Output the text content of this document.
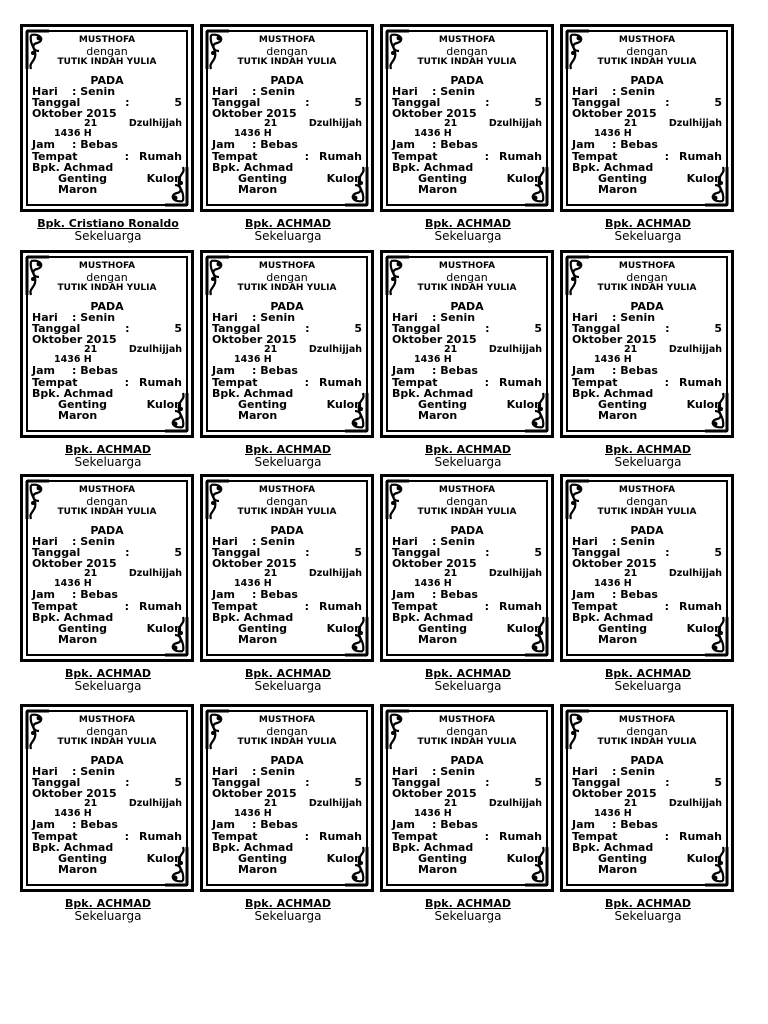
MUSTHOFA
dengan
TUTIK INDAH YULIA
PADA
Hari	: Senin
Tanggal	:	5
Oktober 2015
21	Dzulhijjah
1436 H
Jam	: Bebas
Tempat	: Rumah
Bpk. Achmad
Genting	Kulon
Maron
Bpk. Cristiano Ronaldo
Sekeluarga
MUSTHOFA
dengan
TUTIK INDAH YULIA
PADA
Hari	: Senin
Tanggal	:	5
Oktober 2015
21	Dzulhijjah
1436 H
Jam	: Bebas
Tempat	: Rumah
Bpk. Achmad
Genting	Kulon
Maron
Bpk. ACHMAD
Sekeluarga
MUSTHOFA
dengan
TUTIK INDAH YULIA
PADA
Hari	: Senin
Tanggal	:	5
Oktober 2015
21	Dzulhijjah
1436 H
Jam	: Bebas
Tempat	: Rumah
Bpk. Achmad
Genting	Kulon
Maron
Bpk. ACHMAD
Sekeluarga
MUSTHOFA
dengan
TUTIK INDAH YULIA
PADA
Hari	: Senin
Tanggal	:	5
Oktober 2015
21	Dzulhijjah
1436 H
Jam	: Bebas
Tempat	: Rumah
Bpk. Achmad
Genting	Kulon
Maron
Bpk. ACHMAD
Sekeluarga
MUSTHOFA
dengan
TUTIK INDAH YULIA
PADA
Hari	: Senin
Tanggal	:	5
Oktober 2015
21	Dzulhijjah
1436 H
Jam	: Bebas
Tempat	: Rumah
Bpk. Achmad
Genting	Kulon
Maron
Bpk. ACHMAD
Sekeluarga
MUSTHOFA
dengan
TUTIK INDAH YULIA
PADA
Hari	: Senin
Tanggal	:	5
Oktober 2015
21	Dzulhijjah
1436 H
Jam	: Bebas
Tempat	: Rumah
Bpk. Achmad
Genting	Kulon
Maron
Bpk. ACHMAD
Sekeluarga
MUSTHOFA
dengan
TUTIK INDAH YULIA
PADA
Hari	: Senin
Tanggal	:	5
Oktober 2015
21	Dzulhijjah
1436 H
Jam	: Bebas
Tempat	: Rumah
Bpk. Achmad
Genting	Kulon
Maron
Bpk. ACHMAD
Sekeluarga
MUSTHOFA
dengan
TUTIK INDAH YULIA
PADA
Hari	: Senin
Tanggal	:	5
Oktober 2015
21	Dzulhijjah
1436 H
Jam	: Bebas
Tempat	: Rumah
Bpk. Achmad
Genting	Kulon
Maron
Bpk. ACHMAD
Sekeluarga
MUSTHOFA
dengan
TUTIK INDAH YULIA
PADA
Hari	: Senin
Tanggal	:	5
Oktober 2015
21	Dzulhijjah
1436 H
Jam	: Bebas
Tempat	: Rumah
Bpk. Achmad
Genting	Kulon
Maron
Bpk. ACHMAD
Sekeluarga
MUSTHOFA
dengan
TUTIK INDAH YULIA
PADA
Hari	: Senin
Tanggal	:	5
Oktober 2015
21	Dzulhijjah
1436 H
Jam	: Bebas
Tempat	: Rumah
Bpk. Achmad
Genting	Kulon
Maron
Bpk. ACHMAD
Sekeluarga
MUSTHOFA
dengan
TUTIK INDAH YULIA
PADA
Hari	: Senin
Tanggal	:	5
Oktober 2015
21	Dzulhijjah
1436 H
Jam	: Bebas
Tempat	: Rumah
Bpk. Achmad
Genting	Kulon
Maron
Bpk. ACHMAD
Sekeluarga
MUSTHOFA
dengan
TUTIK INDAH YULIA
PADA
Hari	: Senin
Tanggal	:	5
Oktober 2015
21	Dzulhijjah
1436 H
Jam	: Bebas
Tempat	: Rumah
Bpk. Achmad
Genting	Kulon
Maron
Bpk. ACHMAD
Sekeluarga
MUSTHOFA
dengan
TUTIK INDAH YULIA
PADA
Hari	: Senin
Tanggal	:	5
Oktober 2015
21	Dzulhijjah
1436 H
Jam	: Bebas
Tempat	: Rumah
Bpk. Achmad
Genting	Kulon
Maron
Bpk. ACHMAD
Sekeluarga
MUSTHOFA
dengan
TUTIK INDAH YULIA
PADA
Hari	: Senin
Tanggal	:	5
Oktober 2015
21	Dzulhijjah
1436 H
Jam	: Bebas
Tempat	: Rumah
Bpk. Achmad
Genting	Kulon
Maron
Bpk. ACHMAD
Sekeluarga
MUSTHOFA
dengan
TUTIK INDAH YULIA
PADA
Hari	: Senin
Tanggal	:	5
Oktober 2015
21	Dzulhijjah
1436 H
Jam	: Bebas
Tempat	: Rumah
Bpk. Achmad
Genting	Kulon
Maron
Bpk. ACHMAD
Sekeluarga
MUSTHOFA
dengan
TUTIK INDAH YULIA
PADA
Hari	: Senin
Tanggal	:	5
Oktober 2015
21	Dzulhijjah
1436 H
Jam	: Bebas
Tempat	: Rumah
Bpk. Achmad
Genting	Kulon
Maron
Bpk. ACHMAD
Sekeluarga
